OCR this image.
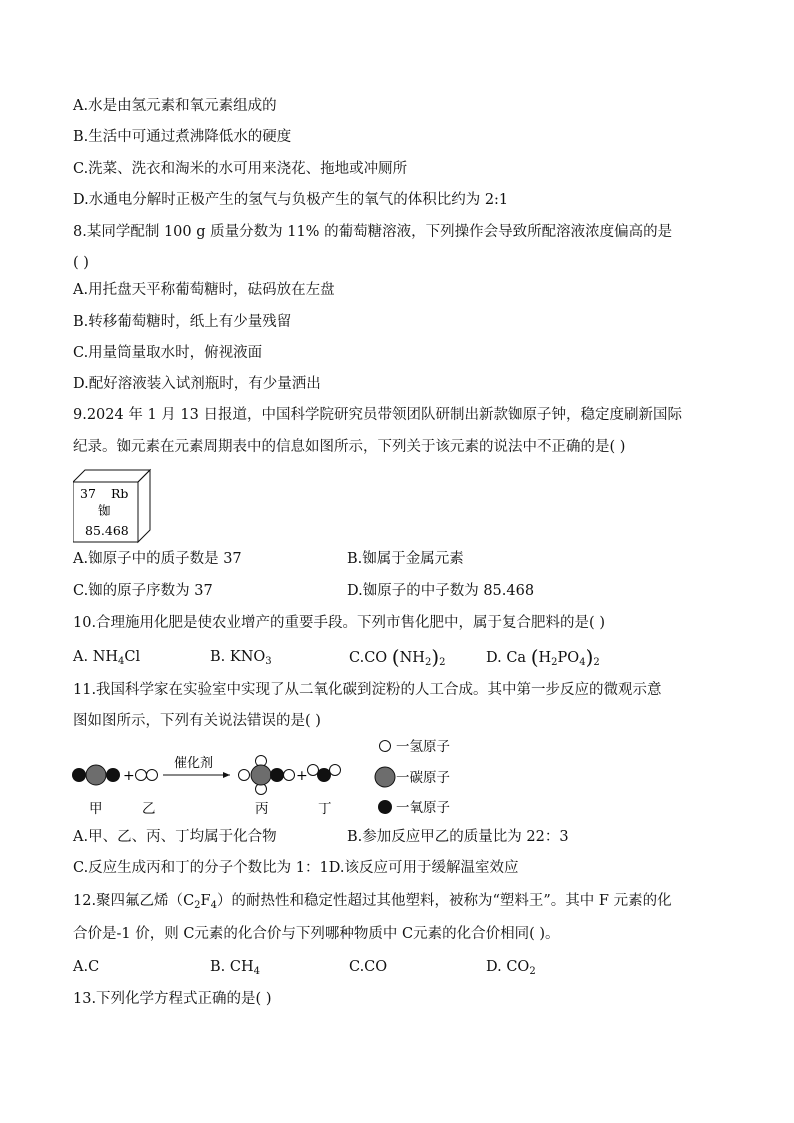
A.水是由氢元素和氧元素组成的
B.生活中可通过煮沸降低水的硬度
C.洗菜、洗衣和淘米的水可用来浇花、拖地或冲厕所
D.水通电分解时正极产生的氢气与负极产生的氧气的体积比约为 2:1
8.某同学配制 100 g 质量分数为 11% 的葡萄糖溶液，下列操作会导致所配溶液浓度偏高的是
( )
A.用托盘天平称葡萄糖时，砝码放在左盘
B.转移葡萄糖时，纸上有少量残留
C.用量筒量取水时，俯视液面
D.配好溶液装入试剂瓶时，有少量洒出
9.2024 年 1 月 13 日报道，中国科学院研究员带领团队研制出新款铷原子钟，稳定度刷新国际
纪录。铷元素在元素周期表中的信息如图所示，下列关于该元素的说法中不正确的是( )
37 Rb
铷
85.468
A.铷原子中的质子数是 37	B.铷属于金属元素
C.铷的原子序数为 37	D.铷原子的中子数为 85.468
10.合理施用化肥是使农业增产的重要手段。下列市售化肥中，属于复合肥料的是( )
A. $NH_4Cl$	B. $KNO_3$	C.CO $(NH_2)_2$	D. Ca $(H_2PO_4)_2$
11.我国科学家在实验室中实现了从二氧化碳到淀粉的人工合成。其中第一步反应的微观示意
图如图所示，下列有关说法错误的是( )
+
催化剂
+
甲	乙	丙	丁
一氢原子
一碳原子
一氧原子
A.甲、乙、丙、丁均属于化合物	B.参加反应甲乙的质量比为 22：3
C.反应生成丙和丁的分子个数比为 1：1D.该反应可用于缓解温室效应
12.聚四氟乙烯$(C_2F_4)$的耐热性和稳定性超过其他塑料，被称为“塑料王”。其中 F 元素的化
合价是-1 价，则 C元素的化合价与下列哪种物质中 C元素的化合价相同( )。
A.C	B. $CH_4$	C.CO	D. $CO_2$
13.下列化学方程式正确的是( )
